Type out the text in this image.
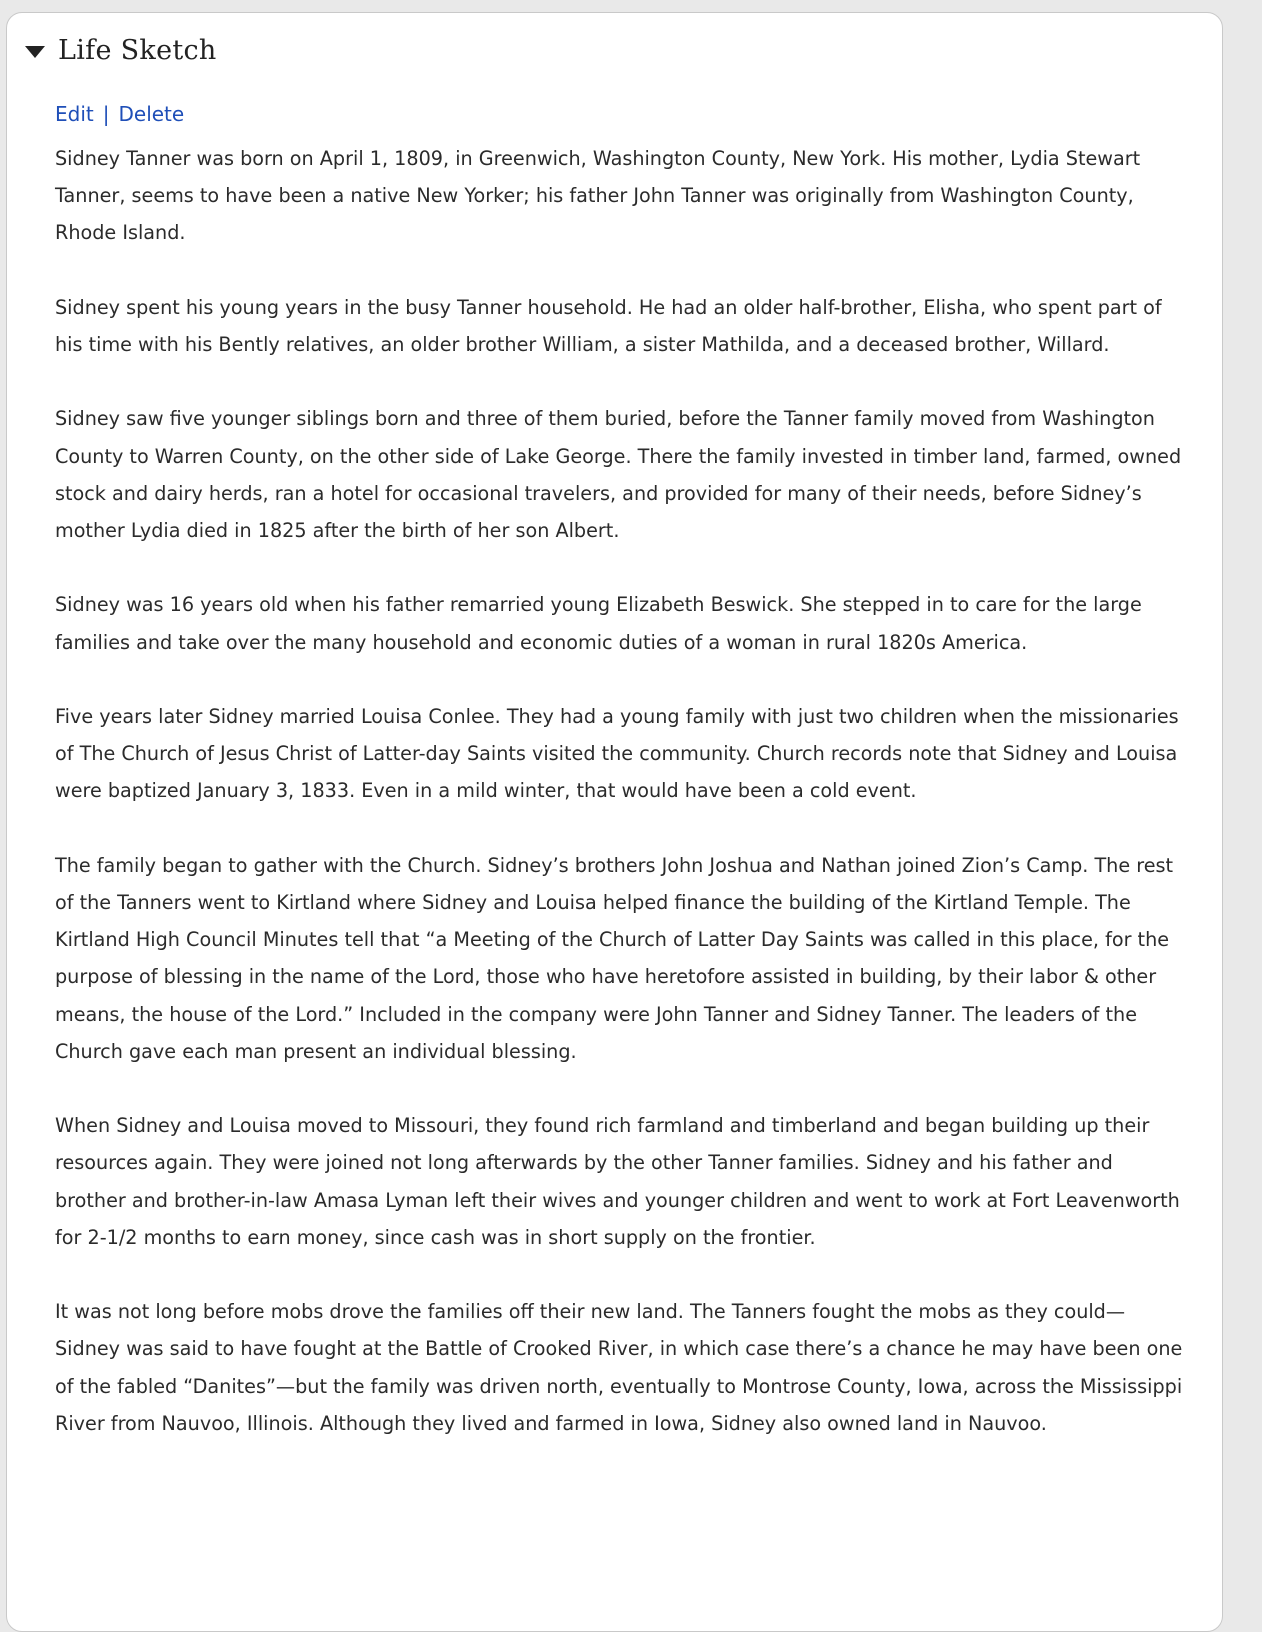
Life Sketch
Edit | Delete

Sidney Tanner was born on April 1, 1809, in Greenwich, Washington County, New York. His mother, Lydia Stewart Tanner, seems to have been a native New Yorker; his father John Tanner was originally from Washington County, Rhode Island.

Sidney spent his young years in the busy Tanner household. He had an older half-brother, Elisha, who spent part of his time with his Bently relatives, an older brother William, a sister Mathilda, and a deceased brother, Willard.

Sidney saw five younger siblings born and three of them buried, before the Tanner family moved from Washington County to Warren County, on the other side of Lake George. There the family invested in timber land, farmed, owned stock and dairy herds, ran a hotel for occasional travelers, and provided for many of their needs, before Sidney’s mother Lydia died in 1825 after the birth of her son Albert.

Sidney was 16 years old when his father remarried young Elizabeth Beswick. She stepped in to care for the large families and take over the many household and economic duties of a woman in rural 1820s America.

Five years later Sidney married Louisa Conlee. They had a young family with just two children when the missionaries of The Church of Jesus Christ of Latter-day Saints visited the community. Church records note that Sidney and Louisa were baptized January 3, 1833. Even in a mild winter, that would have been a cold event.

The family began to gather with the Church. Sidney’s brothers John Joshua and Nathan joined Zion’s Camp. The rest of the Tanners went to Kirtland where Sidney and Louisa helped finance the building of the Kirtland Temple. The Kirtland High Council Minutes tell that “a Meeting of the Church of Latter Day Saints was called in this place, for the purpose of blessing in the name of the Lord, those who have heretofore assisted in building, by their labor & other means, the house of the Lord.” Included in the company were John Tanner and Sidney Tanner. The leaders of the Church gave each man present an individual blessing.

When Sidney and Louisa moved to Missouri, they found rich farmland and timberland and began building up their resources again. They were joined not long afterwards by the other Tanner families. Sidney and his father and brother and brother-in-law Amasa Lyman left their wives and younger children and went to work at Fort Leavenworth for 2-1/2 months to earn money, since cash was in short supply on the frontier.

It was not long before mobs drove the families off their new land. The Tanners fought the mobs as they could—Sidney was said to have fought at the Battle of Crooked River, in which case there’s a chance he may have been one of the fabled “Danites”—but the family was driven north, eventually to Montrose County, Iowa, across the Mississippi River from Nauvoo, Illinois. Although they lived and farmed in Iowa, Sidney also owned land in Nauvoo.
